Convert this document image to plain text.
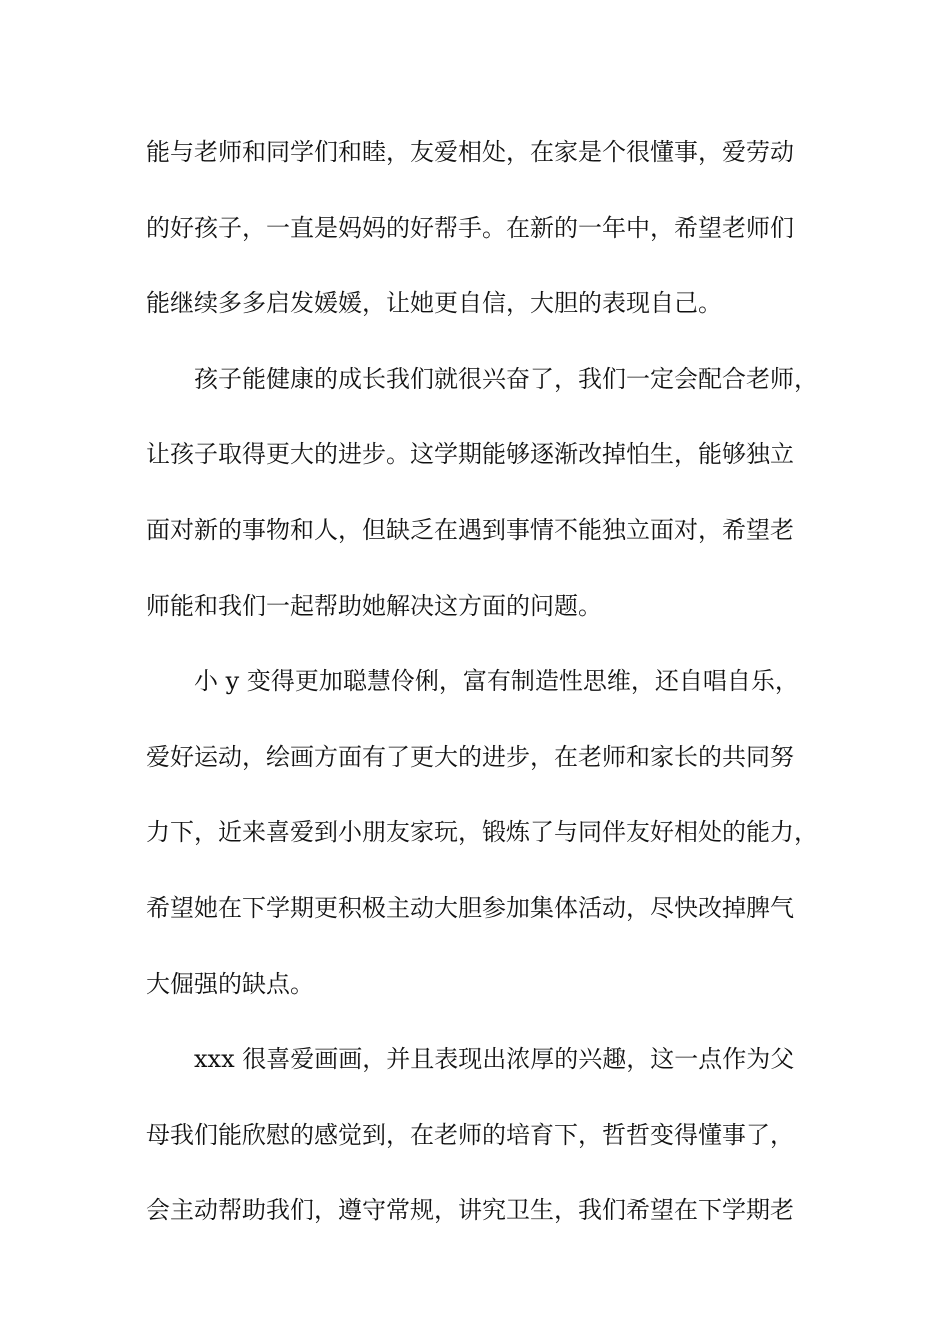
能与老师和同学们和睦，友爱相处，在家是个很懂事，爱劳动
的好孩子，一直是妈妈的好帮手。在新的一年中，希望老师们
能继续多多启发媛媛，让她更自信，大胆的表现自己。
孩子能健康的成长我们就很兴奋了，我们一定会配合老师，
让孩子取得更大的进步。这学期能够逐渐改掉怕生，能够独立
面对新的事物和人，但缺乏在遇到事情不能独立面对，希望老
师能和我们一起帮助她解决这方面的问题。
小 y 变得更加聪慧伶俐，富有制造性思维，还自唱自乐，
爱好运动，绘画方面有了更大的进步，在老师和家长的共同努
力下，近来喜爱到小朋友家玩，锻炼了与同伴友好相处的能力，
希望她在下学期更积极主动大胆参加集体活动，尽快改掉脾气
大倔强的缺点。
xxx 很喜爱画画，并且表现出浓厚的兴趣，这一点作为父
母我们能欣慰的感觉到，在老师的培育下，哲哲变得懂事了，
会主动帮助我们，遵守常规，讲究卫生，我们希望在下学期老
